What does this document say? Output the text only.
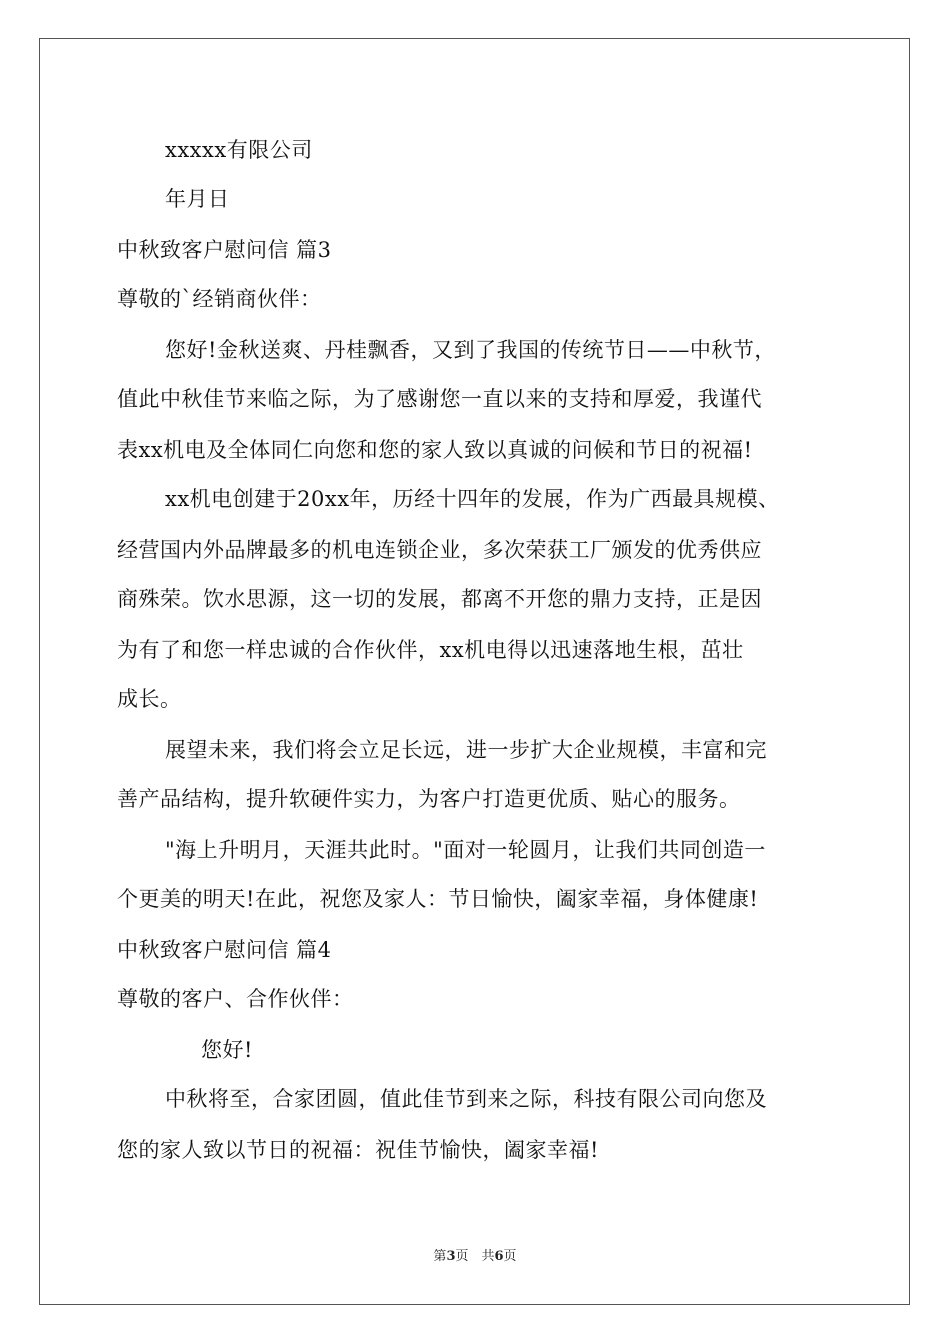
xxxxx有限公司
年月日
中秋致客户慰问信 篇3
尊敬的`经销商伙伴：
您好!金秋送爽、丹桂飘香，又到了我国的传统节日——中秋节，
值此中秋佳节来临之际，为了感谢您一直以来的支持和厚爱，我谨代
表xx机电及全体同仁向您和您的家人致以真诚的问候和节日的祝福!
xx机电创建于20xx年，历经十四年的发展，作为广西最具规模、
经营国内外品牌最多的机电连锁企业，多次荣获工厂颁发的优秀供应
商殊荣。饮水思源，这一切的发展，都离不开您的鼎力支持，正是因
为有了和您一样忠诚的合作伙伴，xx机电得以迅速落地生根，茁壮
成长。
展望未来，我们将会立足长远，进一步扩大企业规模，丰富和完
善产品结构，提升软硬件实力，为客户打造更优质、贴心的服务。
"海上升明月，天涯共此时。"面对一轮圆月，让我们共同创造一
个更美的明天!在此，祝您及家人：节日愉快，阖家幸福，身体健康!
中秋致客户慰问信 篇4
尊敬的客户、合作伙伴：
您好!
中秋将至，合家团圆，值此佳节到来之际，科技有限公司向您及
您的家人致以节日的祝福：祝佳节愉快，阖家幸福!
第3页　共6页
